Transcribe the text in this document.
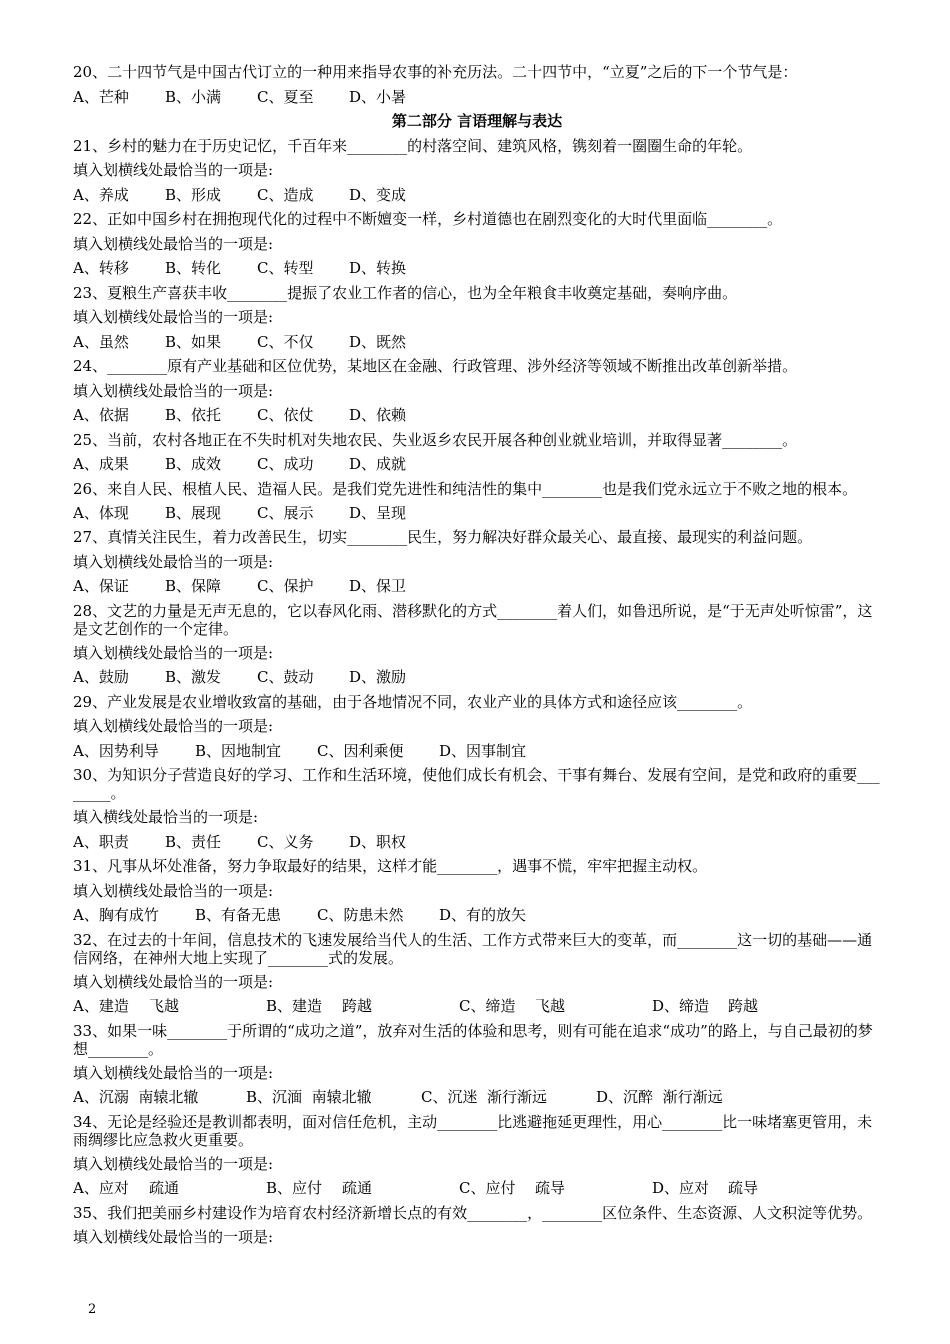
20、二十四节气是中国古代订立的一种用来指导农事的补充历法。二十四节中，“立夏”之后的下一个节气是：
A、芒种	B、小满	C、夏至	D、小暑
第二部分 言语理解与表达
21、乡村的魅力在于历史记忆，千百年来________的村落空间、建筑风格，镌刻着一圈圈生命的年轮。
填入划横线处最恰当的一项是:
A、养成	B、形成	C、造成	D、变成
22、正如中国乡村在拥抱现代化的过程中不断嬗变一样，乡村道德也在剧烈变化的大时代里面临________。
填入划横线处最恰当的一项是:
A、转移	B、转化	C、转型	D、转换
23、夏粮生产喜获丰收________提振了农业工作者的信心，也为全年粮食丰收奠定基础，奏响序曲。
填入划横线处最恰当的一项是:
A、虽然	B、如果	C、不仅	D、既然
24、________原有产业基础和区位优势，某地区在金融、行政管理、涉外经济等领域不断推出改革创新举措。
填入划横线处最恰当的一项是:
A、依据	B、依托	C、依仗	D、依赖
25、当前，农村各地正在不失时机对失地农民、失业返乡农民开展各种创业就业培训，并取得显著________。
A、成果	B、成效	C、成功	D、成就
26、来自人民、根植人民、造福人民。是我们党先进性和纯洁性的集中________也是我们党永远立于不败之地的根本。
A、体现	B、展现	C、展示	D、呈现
27、真情关注民生，着力改善民生，切实________民生，努力解决好群众最关心、最直接、最现实的利益问题。
填入划横线处最恰当的一项是:
A、保证	B、保障	C、保护	D、保卫
28、文艺的力量是无声无息的，它以春风化雨、潜移默化的方式________着人们，如鲁迅所说，是“于无声处听惊雷”，这是文艺创作的一个定律。
填入划横线处最恰当的一项是:
A、鼓励	B、激发	C、鼓动	D、激励
29、产业发展是农业增收致富的基础，由于各地情况不同，农业产业的具体方式和途径应该________。
填入划横线处最恰当的一项是:
A、因势利导	B、因地制宜	C、因利乘便	D、因事制宜
30、为知识分子营造良好的学习、工作和生活环境，使他们成长有机会、干事有舞台、发展有空间，是党和政府的重要________。
填入横线处最恰当的一项是:
A、职责	B、责任	C、义务	D、职权
31、凡事从坏处准备，努力争取最好的结果，这样才能________，遇事不慌，牢牢把握主动权。
填入划横线处最恰当的一项是:
A、胸有成竹	B、有备无患	C、防患未然	D、有的放矢
32、在过去的十年间，信息技术的飞速发展给当代人的生活、工作方式带来巨大的变革，而________这一切的基础——通信网络，在神州大地上实现了________式的发展。
填入划横线处最恰当的一项是:
A、建造 飞越	B、建造 跨越	C、缔造 飞越	D、缔造 跨越
33、如果一味________于所谓的“成功之道”，放弃对生活的体验和思考，则有可能在追求“成功”的路上，与自己最初的梦想________。
填入划横线处最恰当的一项是:
A、沉溺 南辕北辙	B、沉湎 南辕北辙	C、沉迷 渐行渐远	D、沉醉 渐行渐远
34、无论是经验还是教训都表明，面对信任危机，主动________比逃避拖延更理性，用心________比一味堵塞更管用，未雨绸缪比应急救火更重要。
填入划横线处最恰当的一项是:
A、应对 疏通	B、应付 疏通	C、应付 疏导	D、应对 疏导
35、我们把美丽乡村建设作为培育农村经济新增长点的有效________，________区位条件、生态资源、人文积淀等优势。
填入划横线处最恰当的一项是:
2
